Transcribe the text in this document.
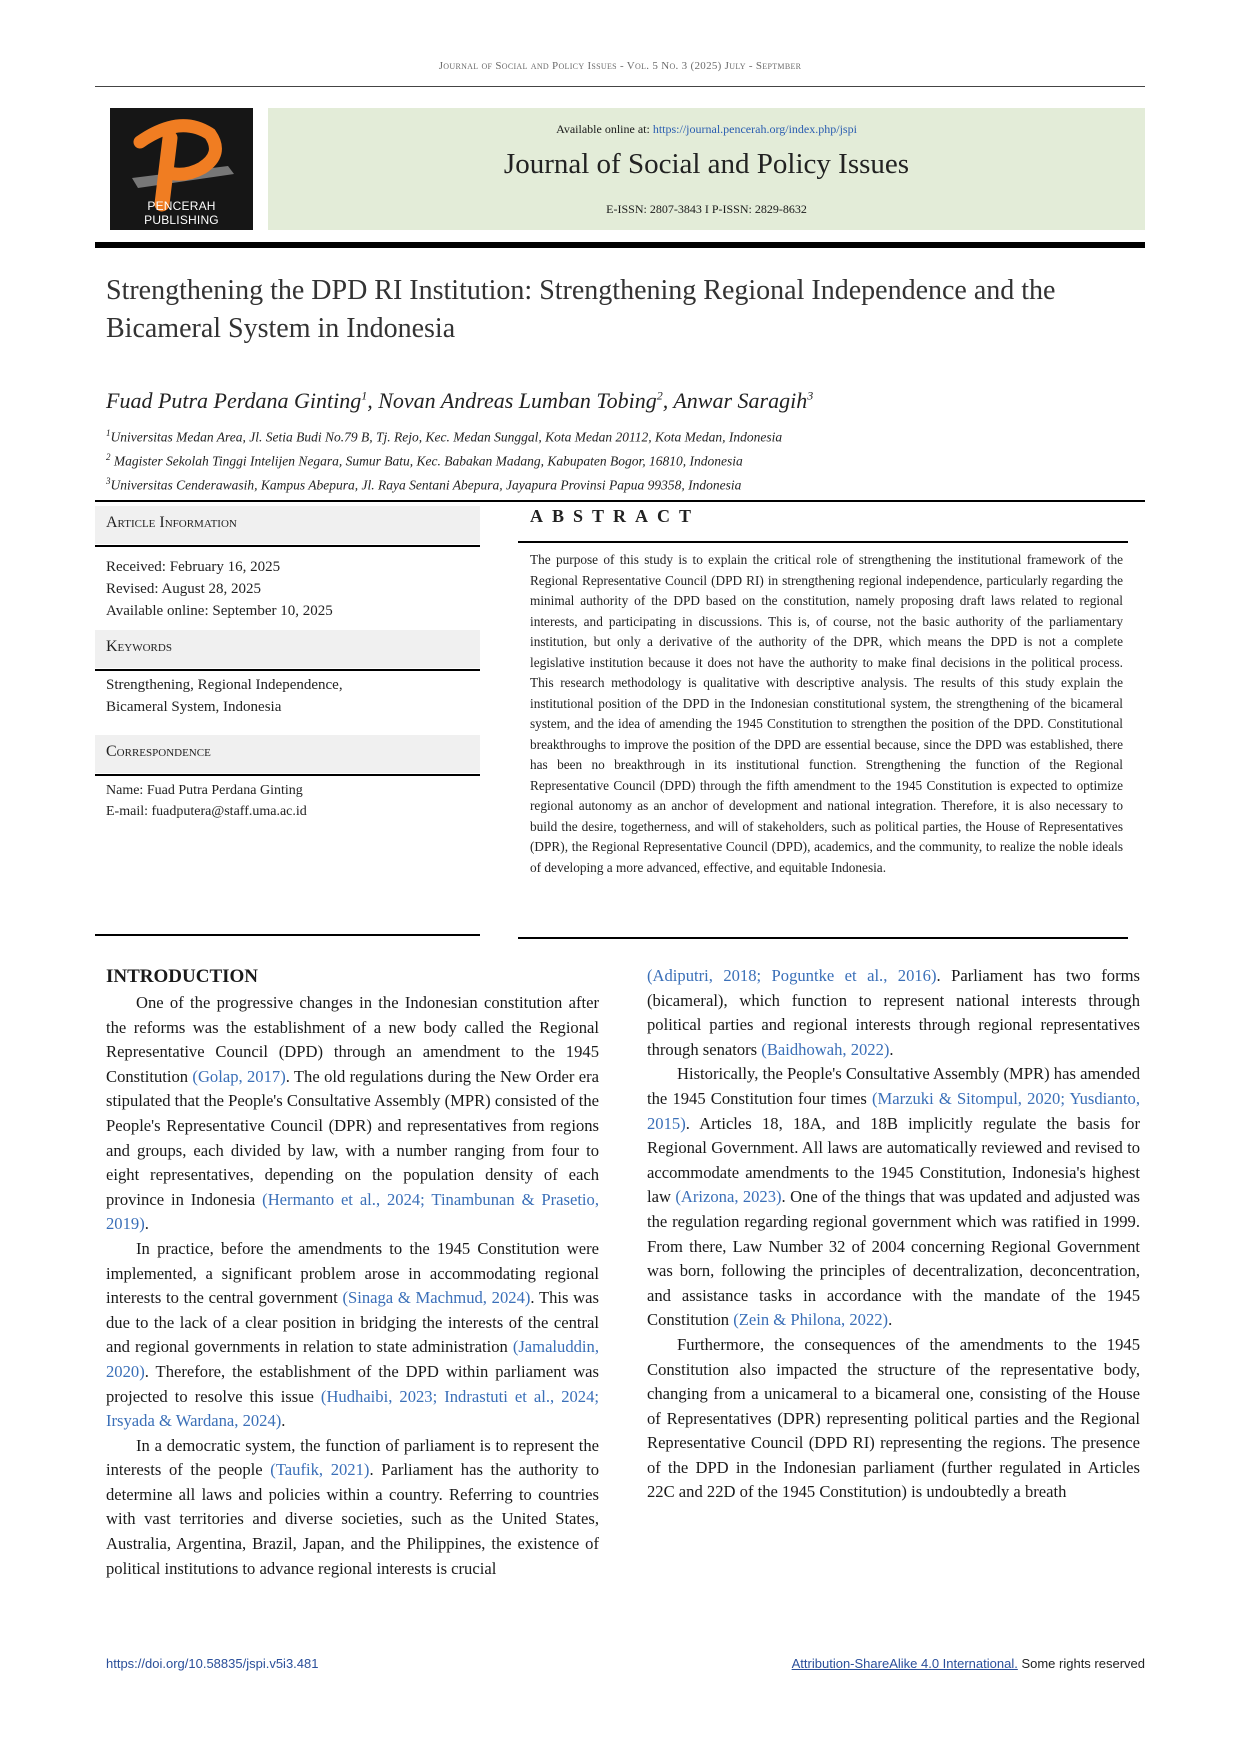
Journal of Social and Policy Issues - Vol. 5 No. 3 (2025) July - Septmber
PENCERAH PUBLISHING
Available online at: https://journal.pencerah.org/index.php/jspi
Journal of Social and Policy Issues
E-ISSN: 2807-3843 I P-ISSN: 2829-8632
Strengthening the DPD RI Institution: Strengthening Regional Independence and the Bicameral System in Indonesia
Fuad Putra Perdana Ginting$^1$, Novan Andreas Lumban Tobing$^2$, Anwar Saragih$^3$
$^1$Universitas Medan Area, Jl. Setia Budi No.79 B, Tj. Rejo, Kec. Medan Sunggal, Kota Medan 20112, Kota Medan, Indonesia
$^2$ Magister Sekolah Tinggi Intelijen Negara, Sumur Batu, Kec. Babakan Madang, Kabupaten Bogor, 16810, Indonesia
$^3$Universitas Cenderawasih, Kampus Abepura, Jl. Raya Sentani Abepura, Jayapura Provinsi Papua 99358, Indonesia
Article Information
Received: February 16, 2025
Revised: August 28, 2025
Available online: September 10, 2025
Keywords
Strengthening, Regional Independence,
Bicameral System, Indonesia
Correspondence
Name: Fuad Putra Perdana Ginting
E-mail: fuadputera@staff.uma.ac.id
ABSTRACT
The purpose of this study is to explain the critical role of strengthening the institutional framework of the Regional Representative Council (DPD RI) in strengthening regional independence, particularly regarding the minimal authority of the DPD based on the constitution, namely proposing draft laws related to regional interests, and participating in discussions. This is, of course, not the basic authority of the parliamentary institution, but only a derivative of the authority of the DPR, which means the DPD is not a complete legislative institution because it does not have the authority to make final decisions in the political process. This research methodology is qualitative with descriptive analysis. The results of this study explain the institutional position of the DPD in the Indonesian constitutional system, the strengthening of the bicameral system, and the idea of amending the 1945 Constitution to strengthen the position of the DPD. Constitutional breakthroughs to improve the position of the DPD are essential because, since the DPD was established, there has been no breakthrough in its institutional function. Strengthening the function of the Regional Representative Council (DPD) through the fifth amendment to the 1945 Constitution is expected to optimize regional autonomy as an anchor of development and national integration. Therefore, it is also necessary to build the desire, togetherness, and will of stakeholders, such as political parties, the House of Representatives (DPR), the Regional Representative Council (DPD), academics, and the community, to realize the noble ideals of developing a more advanced, effective, and equitable Indonesia.
INTRODUCTION

One of the progressive changes in the Indonesian constitution after the reforms was the establishment of a new body called the Regional Representative Council (DPD) through an amendment to the 1945 Constitution (Golap, 2017). The old regulations during the New Order era stipulated that the People's Consultative Assembly (MPR) consisted of the People's Representative Council (DPR) and representatives from regions and groups, each divided by law, with a number ranging from four to eight representatives, depending on the population density of each province in Indonesia (Hermanto et al., 2024; Tinambunan & Prasetio, 2019).

In practice, before the amendments to the 1945 Constitution were implemented, a significant problem arose in accommodating regional interests to the central government (Sinaga & Machmud, 2024). This was due to the lack of a clear position in bridging the interests of the central and regional governments in relation to state administration (Jamaluddin, 2020). Therefore, the establishment of the DPD within parliament was projected to resolve this issue (Hudhaibi, 2023; Indrastuti et al., 2024; Irsyada & Wardana, 2024).

In a democratic system, the function of parliament is to represent the interests of the people (Taufik, 2021). Parliament has the authority to determine all laws and policies within a country. Referring to countries with vast territories and diverse societies, such as the United States, Australia, Argentina, Brazil, Japan, and the Philippines, the existence of political institutions to advance regional interests is crucial

(Adiputri, 2018; Poguntke et al., 2016). Parliament has two forms (bicameral), which function to represent national interests through political parties and regional interests through regional representatives through senators (Baidhowah, 2022).

Historically, the People's Consultative Assembly (MPR) has amended the 1945 Constitution four times (Marzuki & Sitompul, 2020; Yusdianto, 2015). Articles 18, 18A, and 18B implicitly regulate the basis for Regional Government. All laws are automatically reviewed and revised to accommodate amendments to the 1945 Constitution, Indonesia's highest law (Arizona, 2023). One of the things that was updated and adjusted was the regulation regarding regional government which was ratified in 1999. From there, Law Number 32 of 2004 concerning Regional Government was born, following the principles of decentralization, deconcentration, and assistance tasks in accordance with the mandate of the 1945 Constitution (Zein & Philona, 2022).

Furthermore, the consequences of the amendments to the 1945 Constitution also impacted the structure of the representative body, changing from a unicameral to a bicameral one, consisting of the House of Representatives (DPR) representing political parties and the Regional Representative Council (DPD RI) representing the regions. The presence of the DPD in the Indonesian parliament (further regulated in Articles 22C and 22D of the 1945 Constitution) is undoubtedly a breath

https://doi.org/10.58835/jspi.v5i3.481	Attribution-ShareAlike 4.0 International. Some rights reserved
